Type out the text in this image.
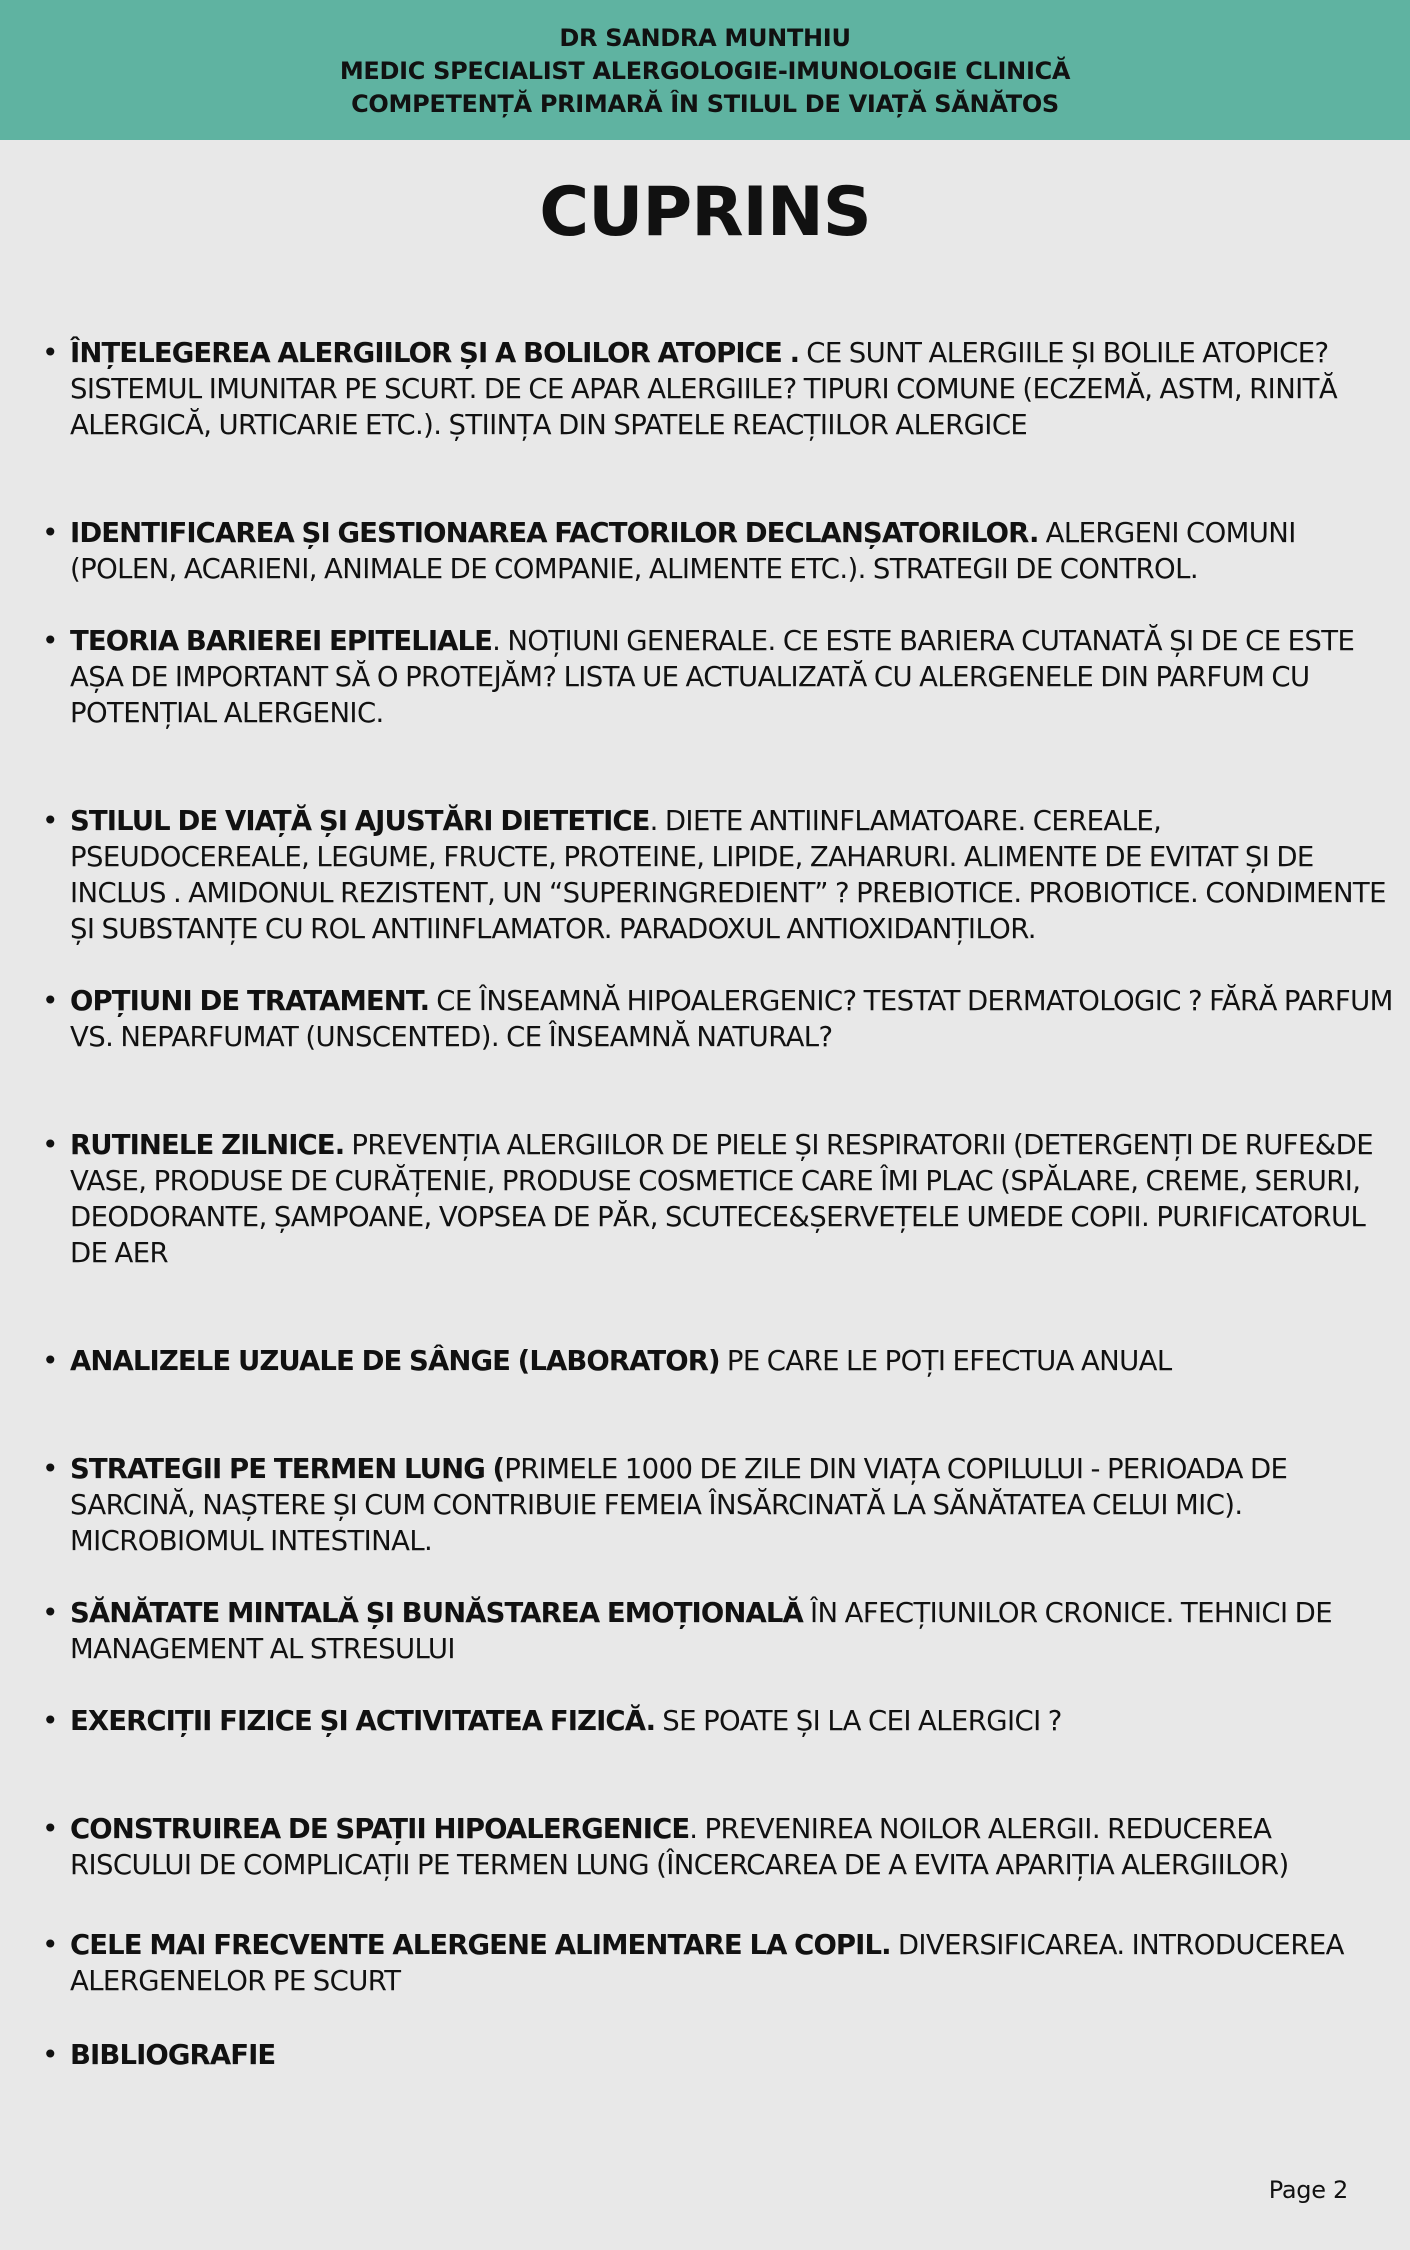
DR SANDRA MUNTHIU
MEDIC SPECIALIST ALERGOLOGIE-IMUNOLOGIE CLINICĂ
COMPETENȚĂ PRIMARĂ ÎN STILUL DE VIAȚĂ SĂNĂTOS
CUPRINS
• ÎNȚELEGEREA ALERGIILOR ȘI A BOLILOR ATOPICE . CE SUNT ALERGIILE ȘI BOLILE ATOPICE? SISTEMUL IMUNITAR PE SCURT. DE CE APAR ALERGIILE? TIPURI COMUNE (ECZEMĂ, ASTM, RINITĂ ALERGICĂ, URTICARIE ETC.). ȘTIINȚA DIN SPATELE REACȚIILOR ALERGICE
• IDENTIFICAREA ȘI GESTIONAREA FACTORILOR DECLANȘATORILOR. ALERGENI COMUNI (POLEN, ACARIENI, ANIMALE DE COMPANIE, ALIMENTE ETC.). STRATEGII DE CONTROL.
• TEORIA BARIEREI EPITELIALE. NOȚIUNI GENERALE. CE ESTE BARIERA CUTANATĂ ȘI DE CE ESTE AȘA DE IMPORTANT SĂ O PROTEJĂM? LISTA UE ACTUALIZATĂ CU ALERGENELE DIN PARFUM CU POTENȚIAL ALERGENIC.
• STILUL DE VIAȚĂ ȘI AJUSTĂRI DIETETICE. DIETE ANTIINFLAMATOARE. CEREALE, PSEUDOCEREALE, LEGUME, FRUCTE, PROTEINE, LIPIDE, ZAHARURI. ALIMENTE DE EVITAT ȘI DE INCLUS . AMIDONUL REZISTENT, UN “SUPERINGREDIENT” ? PREBIOTICE. PROBIOTICE. CONDIMENTE ȘI SUBSTANȚE CU ROL ANTIINFLAMATOR. PARADOXUL ANTIOXIDANȚILOR.
• OPȚIUNI DE TRATAMENT. CE ÎNSEAMNĂ HIPOALERGENIC? TESTAT DERMATOLOGIC ? FĂRĂ PARFUM VS. NEPARFUMAT (UNSCENTED). CE ÎNSEAMNĂ NATURAL?
• RUTINELE ZILNICE. PREVENȚIA ALERGIILOR DE PIELE ȘI RESPIRATORII (DETERGENȚI DE RUFE&DE VASE, PRODUSE DE CURĂȚENIE, PRODUSE COSMETICE CARE ÎMI PLAC (SPĂLARE, CREME, SERURI, DEODORANTE, ȘAMPOANE, VOPSEA DE PĂR, SCUTECE&ȘERVEȚELE UMEDE COPII. PURIFICATORUL DE AER
• ANALIZELE UZUALE DE SÂNGE (LABORATOR) PE CARE LE POȚI EFECTUA ANUAL
• STRATEGII PE TERMEN LUNG (PRIMELE 1000 DE ZILE DIN VIAȚA COPILULUI - PERIOADA DE SARCINĂ, NAȘTERE ȘI CUM CONTRIBUIE FEMEIA ÎNSĂRCINATĂ LA SĂNĂTATEA CELUI MIC). MICROBIOMUL INTESTINAL.
• SĂNĂTATE MINTALĂ ȘI BUNĂSTAREA EMOȚIONALĂ ÎN AFECȚIUNILOR CRONICE. TEHNICI DE MANAGEMENT AL STRESULUI
• EXERCIȚII FIZICE ȘI ACTIVITATEA FIZICĂ. SE POATE ȘI LA CEI ALERGICI ?
• CONSTRUIREA DE SPAȚII HIPOALERGENICE. PREVENIREA NOILOR ALERGII. REDUCEREA RISCULUI DE COMPLICAȚII PE TERMEN LUNG (ÎNCERCAREA DE A EVITA APARIȚIA ALERGIILOR)
• CELE MAI FRECVENTE ALERGENE ALIMENTARE LA COPIL. DIVERSIFICAREA. INTRODUCEREA ALERGENELOR PE SCURT
• BIBLIOGRAFIE
Page 2
